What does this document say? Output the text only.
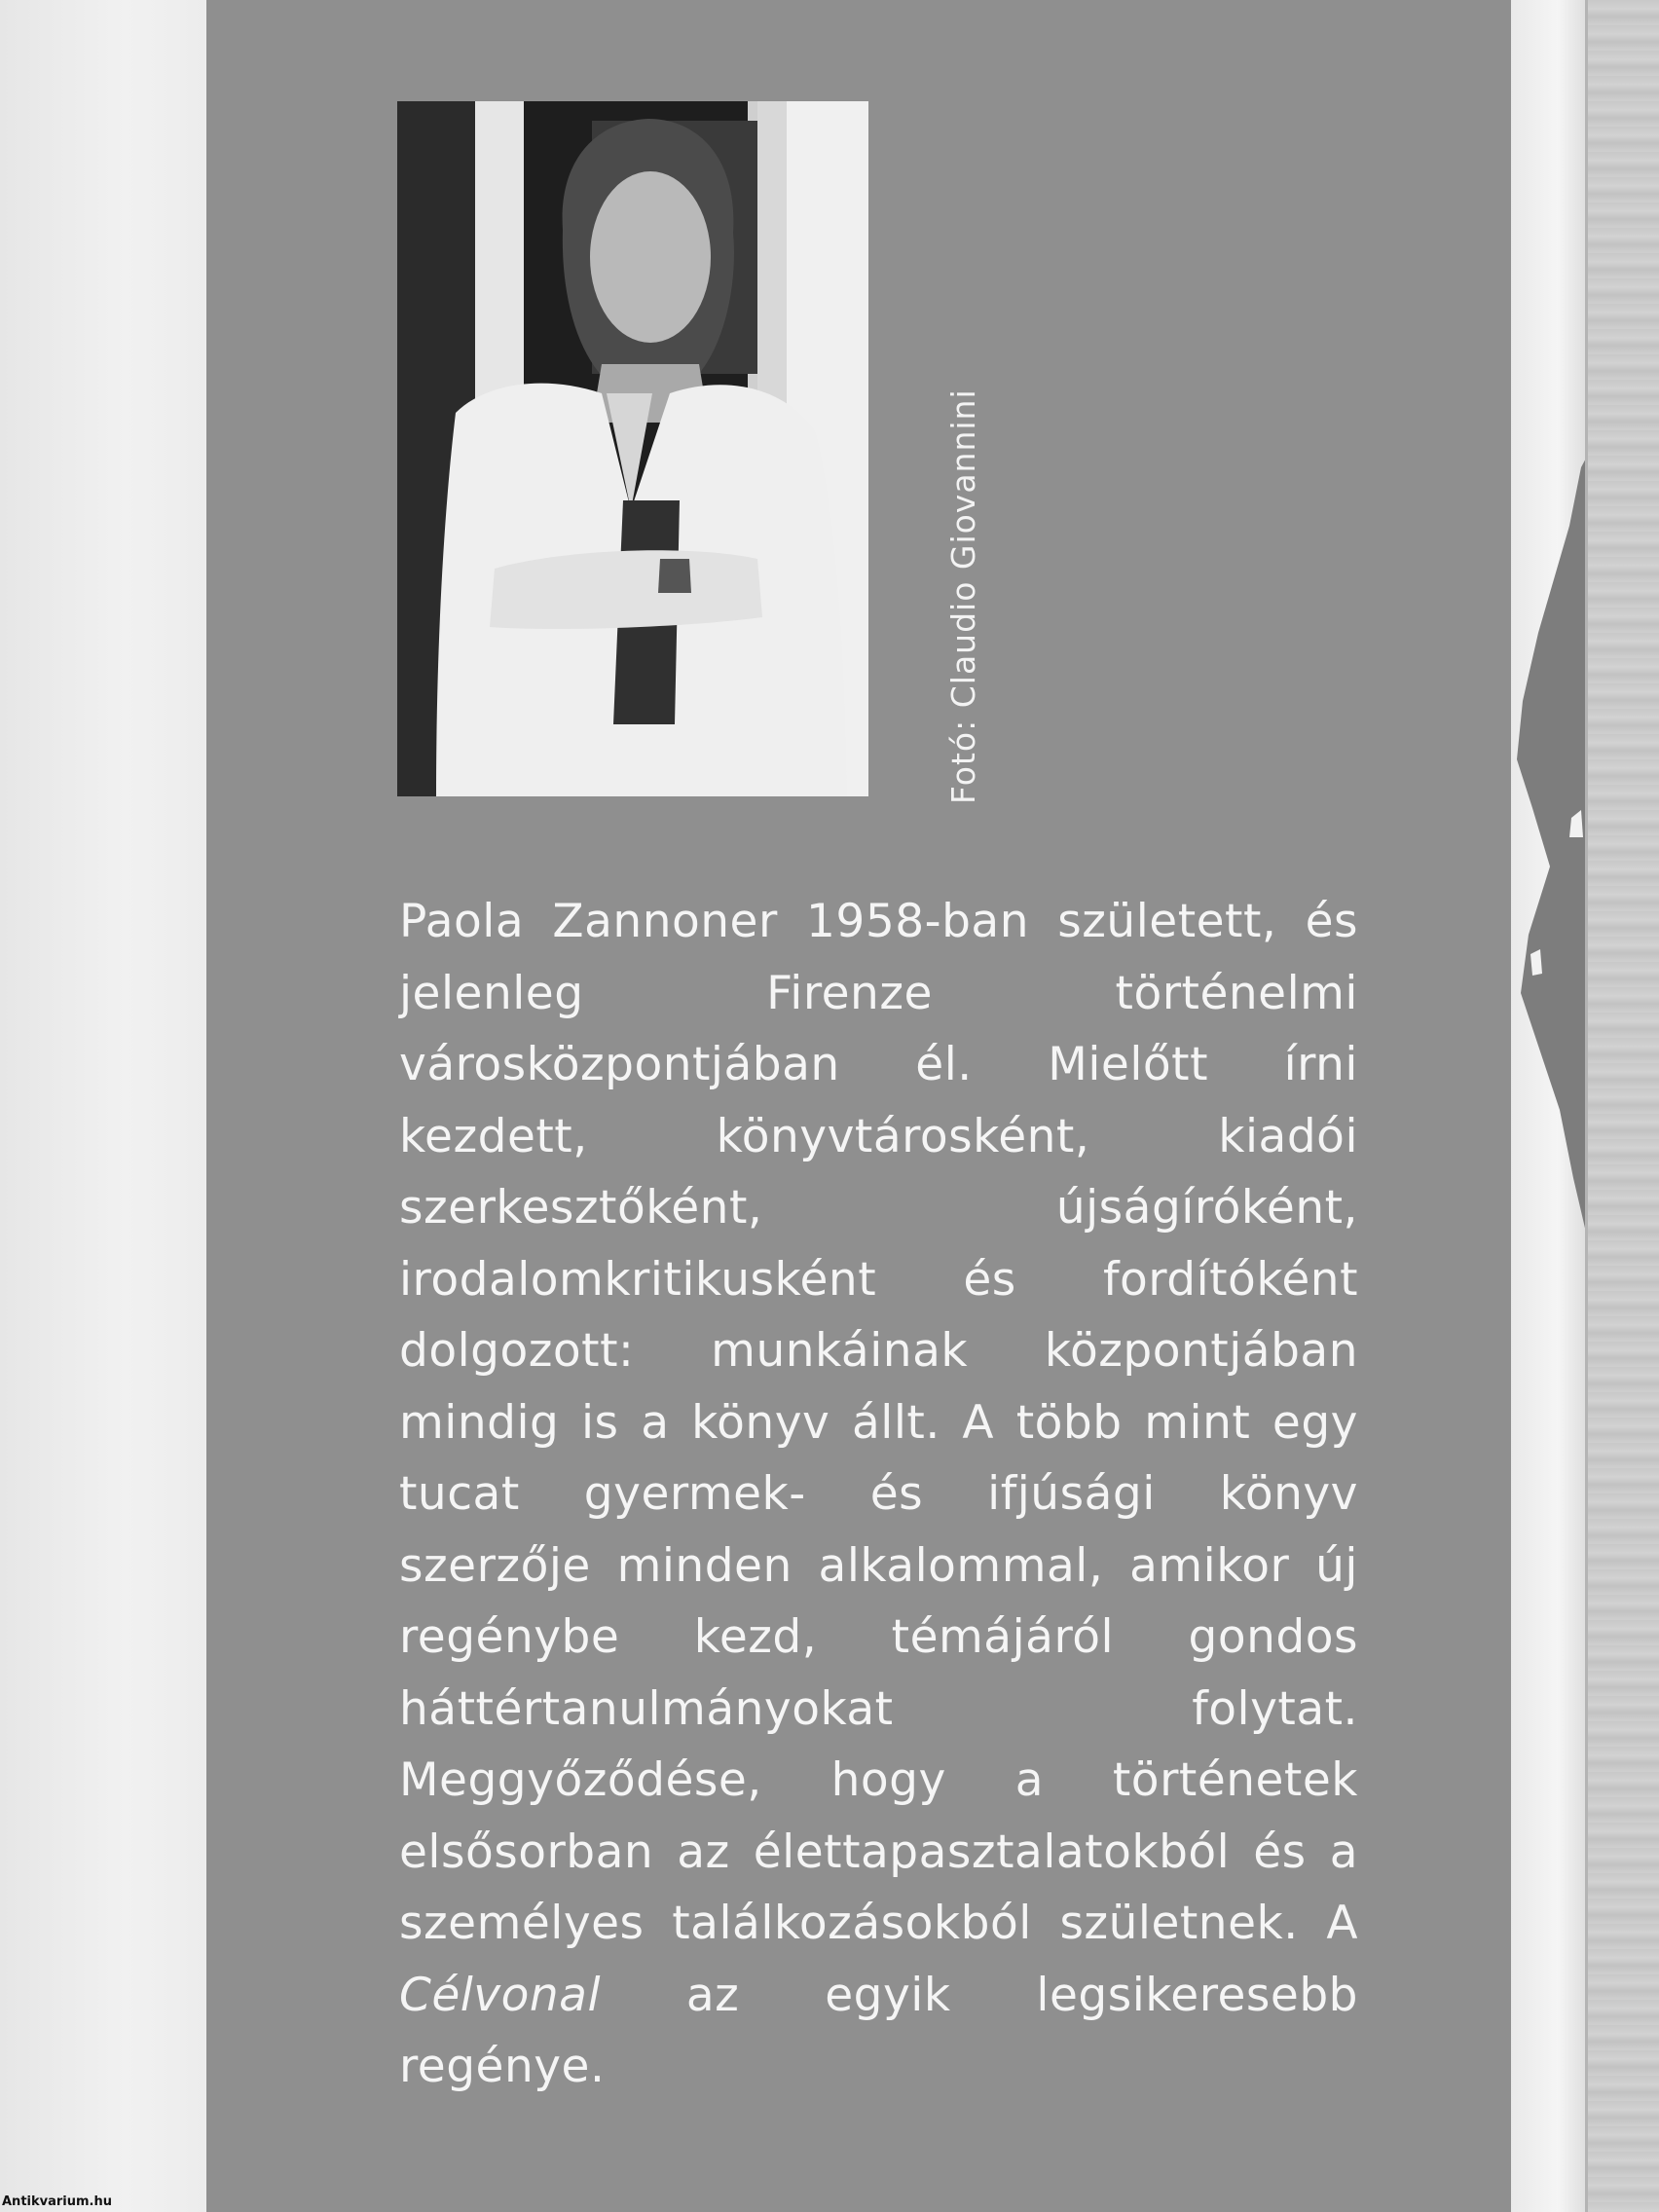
Fotó: Claudio Giovannini
Paola Zannoner 1958-ban született, és jelenleg Firenze történelmi városközpontjában él. Mielőtt írni kezdett, könyvtárosként, kiadói szerkesztőként, újságíróként, irodalomkritikusként és fordítóként dolgozott: munkáinak központjában mindig is a könyv állt. A több mint egy tucat gyermek- és ifjúsági könyv szerzője minden alkalommal, amikor új regénybe kezd, témájáról gondos háttértanulmányokat folytat. Meggyőződése, hogy a történetek elsősorban az élettapasztalatokból és a személyes találkozásokból születnek. A Célvonal az egyik legsikeresebb regénye.
Antikvarium.hu
